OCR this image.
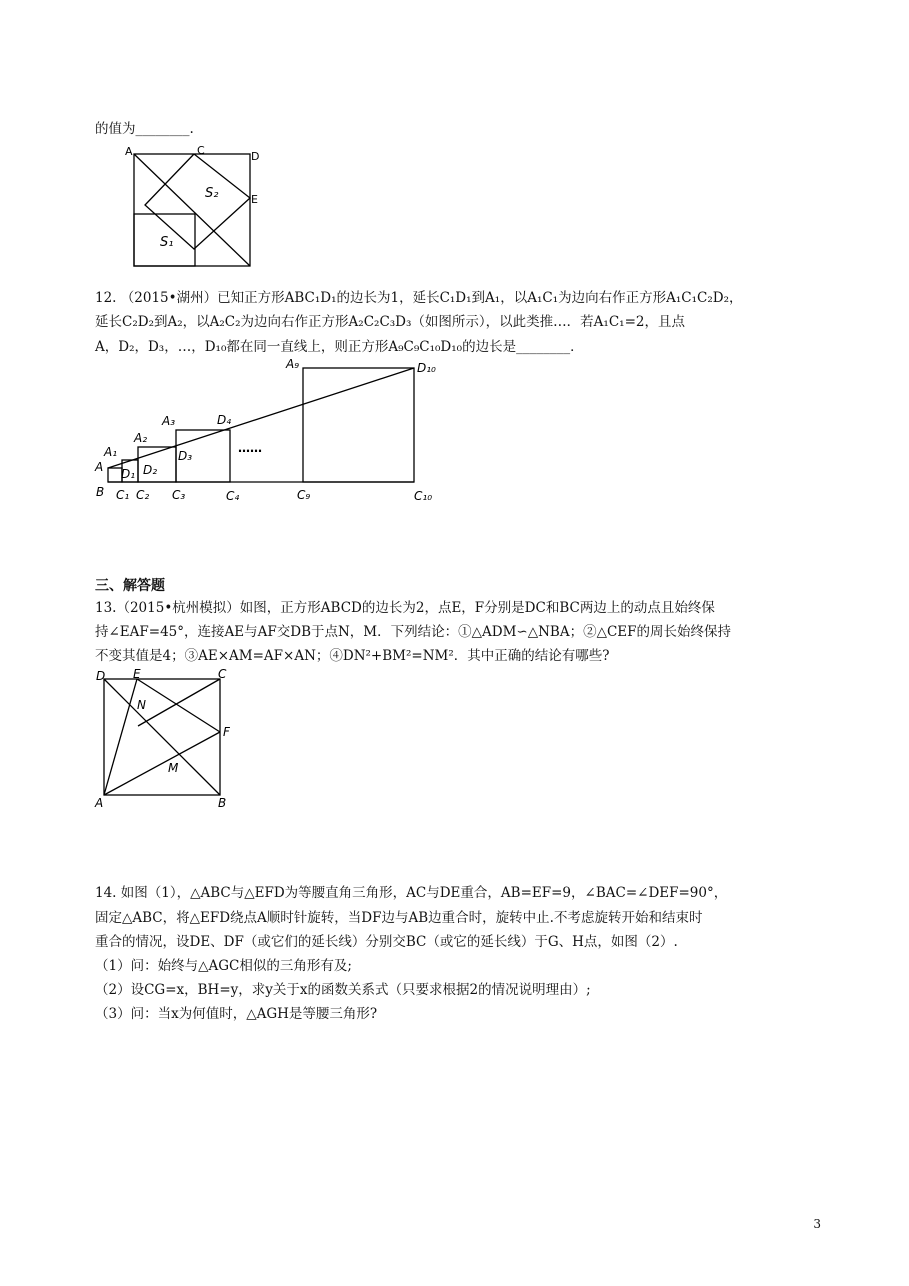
的值为________.
A	C	D
E
S₂
S₁
12. （2015•湖州）已知正方形ABC₁D₁的边长为1，延长C₁D₁到A₁，以A₁C₁为边向右作正方形A₁C₁C₂D₂，
延长C₂D₂到A₂，以A₂C₂为边向右作正方形A₂C₂C₃D₃（如图所示），以此类推…．若A₁C₁=2，且点
A，D₂，D₃，…，D₁₀都在同一直线上，则正方形A₉C₉C₁₀D₁₀的边长是________．
A₉	D₁₀
A₃	D₄
A₂
A₁
A
D₃
D₂
D₁
……
B C₁ C₂ C₃	C₄	C₉	C₁₀
三、解答题
13.（2015•杭州模拟）如图，正方形ABCD的边长为2，点E，F分别是DC和BC两边上的动点且始终保
持∠EAF=45°，连接AE与AF交DB于点N，M．下列结论：①△ADM∽△NBA；②△CEF的周长始终保持
不变其值是4；③AE×AM=AF×AN；④DN²+BM²=NM²．其中正确的结论有哪些?
D E	C
N
F
M
A	B
14. 如图（1），△ABC与△EFD为等腰直角三角形，AC与DE重合，AB=EF=9，∠BAC=∠DEF=90°，
固定△ABC，将△EFD绕点A顺时针旋转，当DF边与AB边重合时，旋转中止.不考虑旋转开始和结束时
重合的情况，设DE、DF（或它们的延长线）分别交BC（或它的延长线）于G、H点，如图（2）.
（1）问：始终与△AGC相似的三角形有及;
（2）设CG=x，BH=y，求y关于x的函数关系式（只要求根据2的情况说明理由）;
（3）问：当x为何值时，△AGH是等腰三角形?
3
